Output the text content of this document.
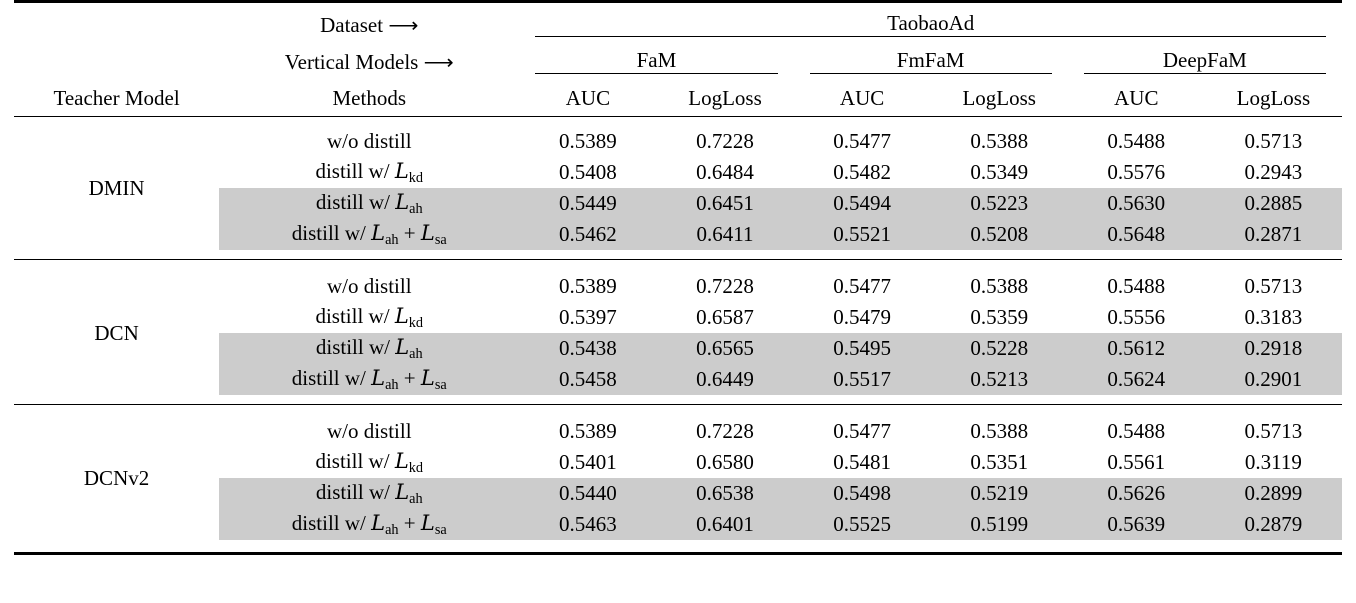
	Dataset ⟶	TaobaoAd					

	Vertical Models ⟶	FaM		FmFaM		DeepFaM	

Teacher Model	Methods	AUC	LogLoss	AUC	LogLoss	AUC	LogLoss

DMIN	w/o distill	0.5389	0.7228	0.5477	0.5388	0.5488	0.5713
	distill w/ $L_{kd}$	0.5408	0.6484	0.5482	0.5349	0.5576	0.2943
	distill w/ $L_{ah}$	0.5449	0.6451	0.5494	0.5223	0.5630	0.2885
	distill w/ $L_{ah} + L_{sa}$	0.5462	0.6411	0.5521	0.5208	0.5648	0.2871

DCN	w/o distill	0.5389	0.7228	0.5477	0.5388	0.5488	0.5713
	distill w/ $L_{kd}$	0.5397	0.6587	0.5479	0.5359	0.5556	0.3183
	distill w/ $L_{ah}$	0.5438	0.6565	0.5495	0.5228	0.5612	0.2918
	distill w/ $L_{ah} + L_{sa}$	0.5458	0.6449	0.5517	0.5213	0.5624	0.2901

DCNv2	w/o distill	0.5389	0.7228	0.5477	0.5388	0.5488	0.5713
	distill w/ $L_{kd}$	0.5401	0.6580	0.5481	0.5351	0.5561	0.3119
	distill w/ $L_{ah}$	0.5440	0.6538	0.5498	0.5219	0.5626	0.2899
	distill w/ $L_{ah} + L_{sa}$	0.5463	0.6401	0.5525	0.5199	0.5639	0.2879
